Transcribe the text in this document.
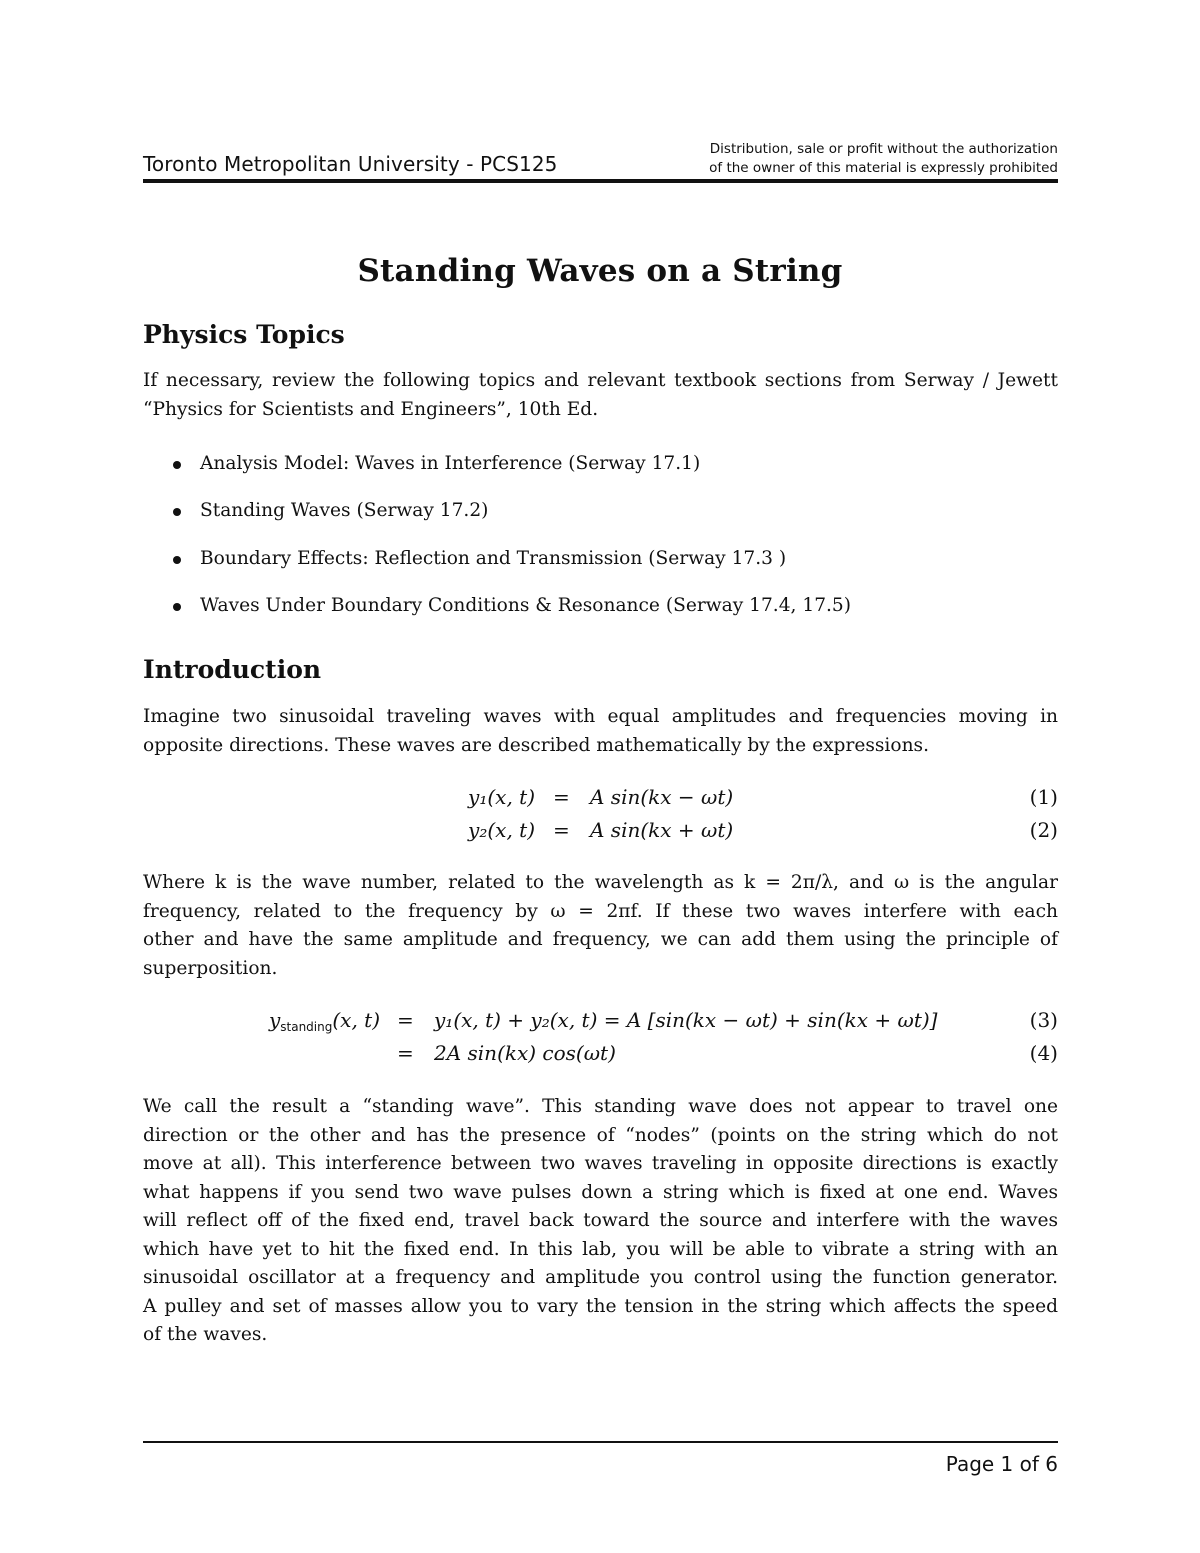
Toronto Metropolitan University - PCS125
Distribution, sale or profit without the authorization
of the owner of this material is expressly prohibited
Standing Waves on a String
Physics Topics
If necessary, review the following topics and relevant textbook sections from Serway / Jewett
“Physics for Scientists and Engineers”, 10th Ed.
Analysis Model: Waves in Interference (Serway 17.1)
Standing Waves (Serway 17.2)
Boundary Effects: Reflection and Transmission (Serway 17.3 )
Waves Under Boundary Conditions & Resonance (Serway 17.4, 17.5)
Introduction
Imagine two sinusoidal traveling waves with equal amplitudes and frequencies moving in
opposite directions. These waves are described mathematically by the expressions.
y₁(x, t) = A sin(kx − ωt)	(1)
y₂(x, t) = A sin(kx + ωt)	(2)
Where k is the wave number, related to the wavelength as k = 2π/λ, and ω is the angular
frequency, related to the frequency by ω = 2πf. If these two waves interfere with each
other and have the same amplitude and frequency, we can add them using the principle of
superposition.
$y_{standing}(x$, t) = y₁(x, t) + y₂(x, t) = A [sin(kx − ωt) + sin(kx + ωt)]	(3)
= 2A sin(kx) cos(ωt)	(4)
We call the result a “standing wave”. This standing wave does not appear to travel one
direction or the other and has the presence of “nodes” (points on the string which do not
move at all). This interference between two waves traveling in opposite directions is exactly
what happens if you send two wave pulses down a string which is fixed at one end. Waves
will reflect off of the fixed end, travel back toward the source and interfere with the waves
which have yet to hit the fixed end. In this lab, you will be able to vibrate a string with an
sinusoidal oscillator at a frequency and amplitude you control using the function generator.
A pulley and set of masses allow you to vary the tension in the string which affects the speed
of the waves.
Page 1 of 6
